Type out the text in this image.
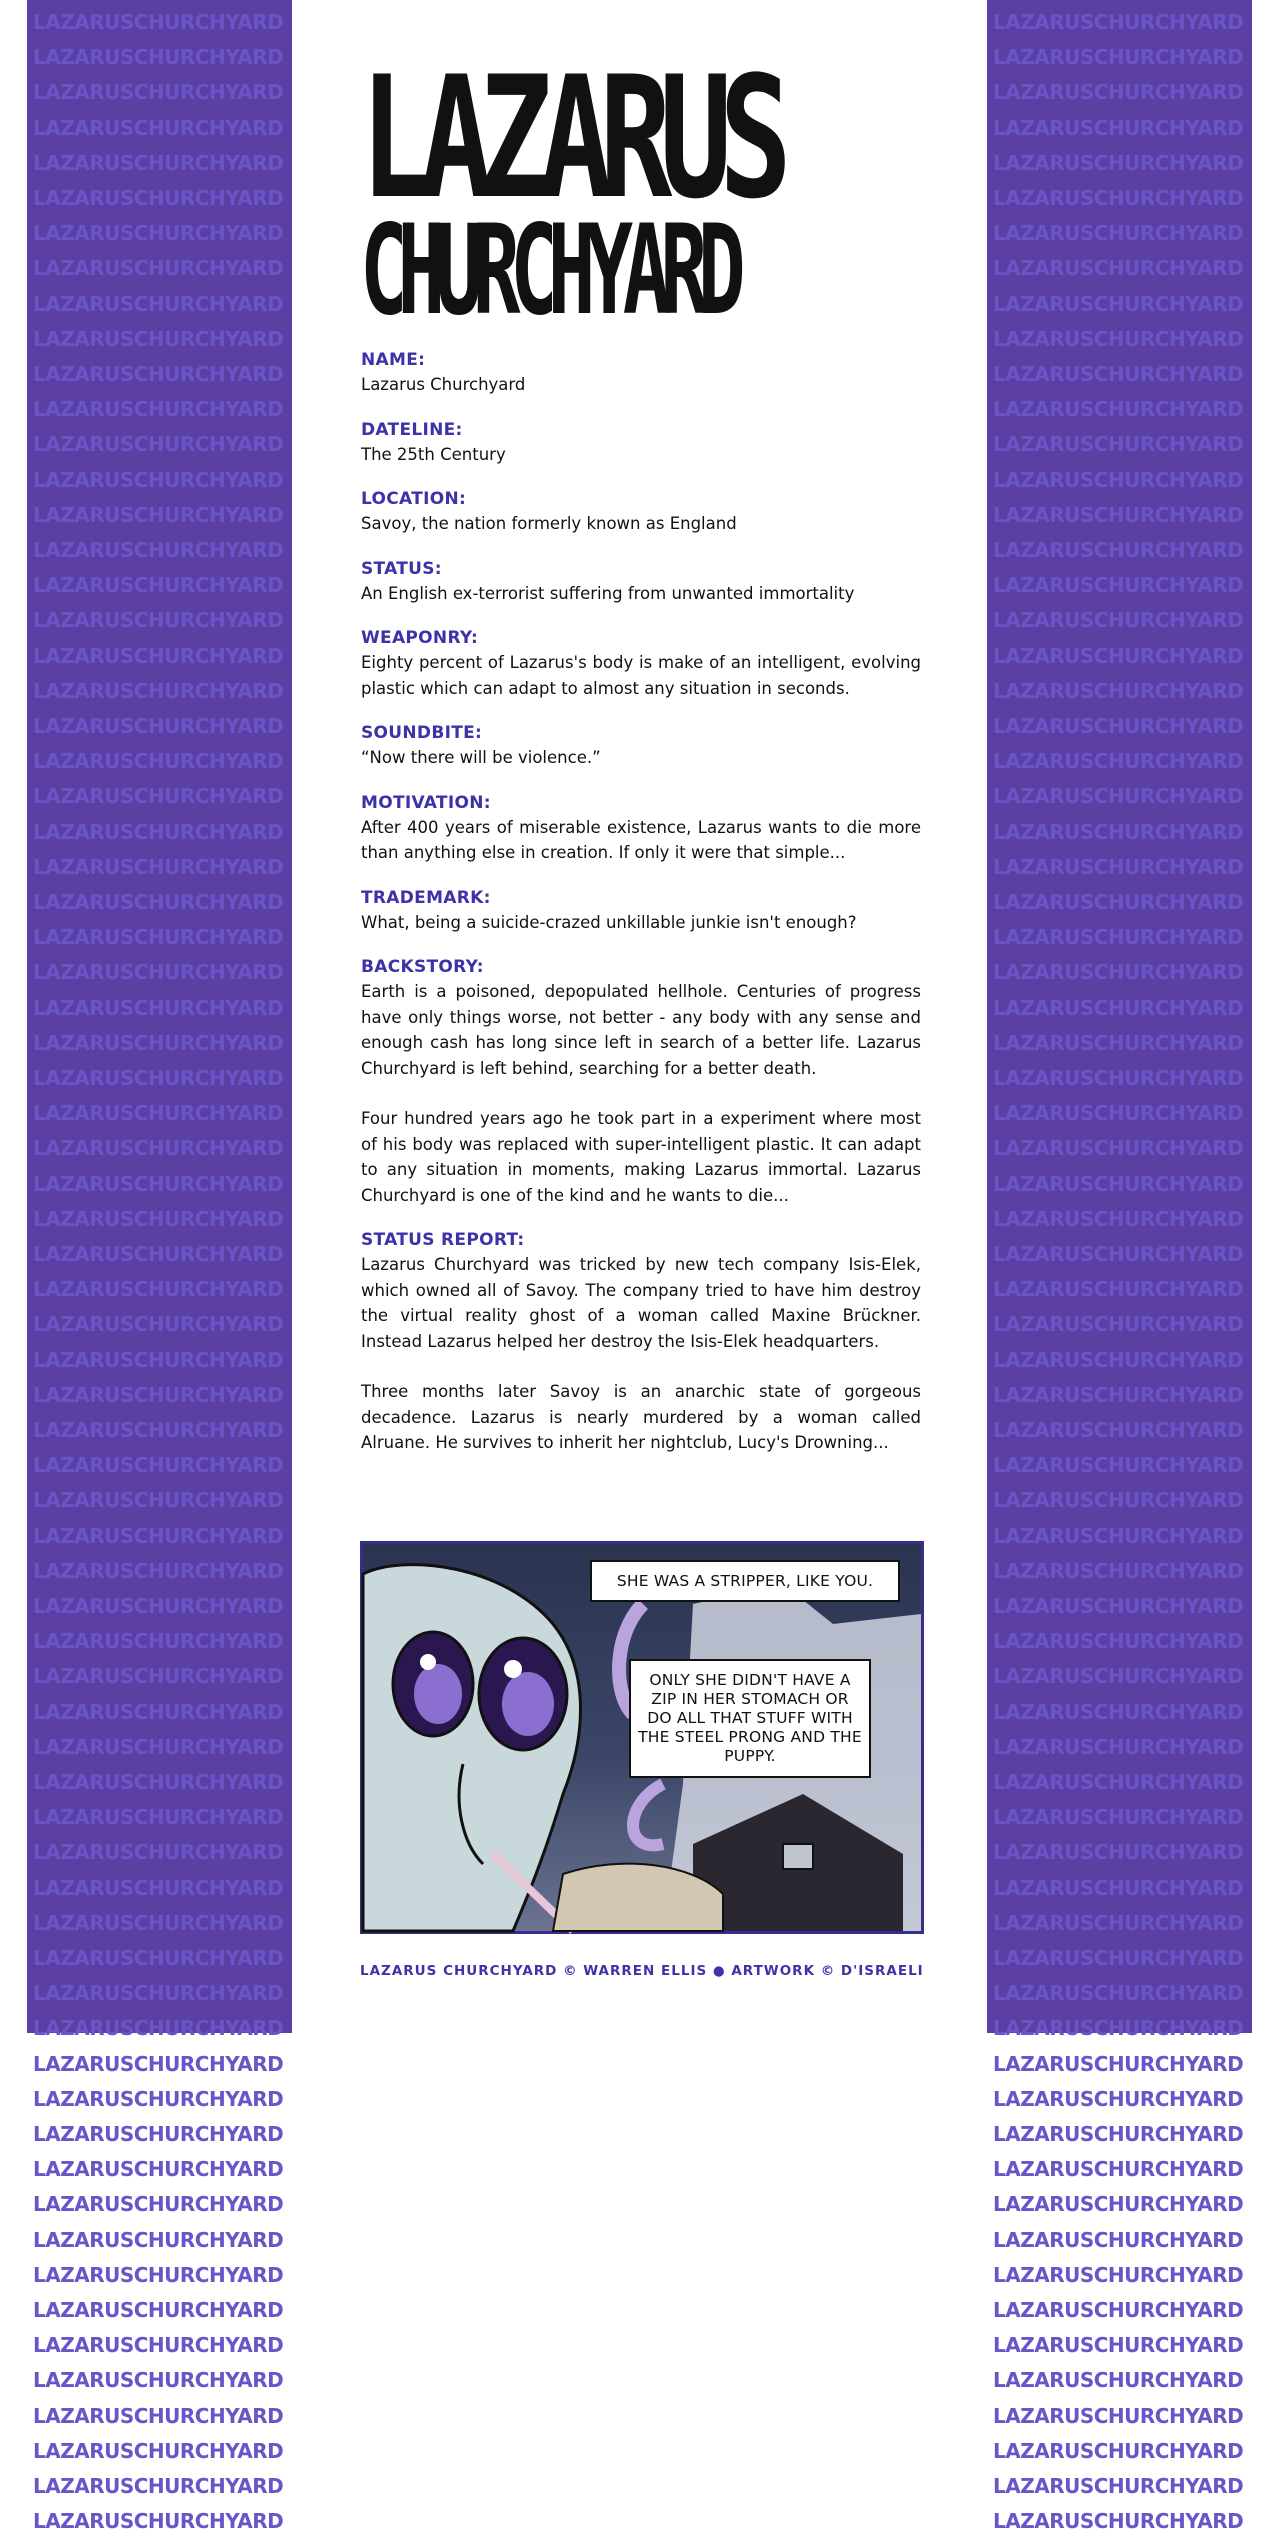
LAZARUSCHURCHYARD
LAZARUSCHURCHYARD
LAZARUSCHURCHYARD
LAZARUSCHURCHYARD
LAZARUSCHURCHYARD
LAZARUSCHURCHYARD
LAZARUSCHURCHYARD
LAZARUSCHURCHYARD
LAZARUSCHURCHYARD
LAZARUSCHURCHYARD
LAZARUSCHURCHYARD
LAZARUSCHURCHYARD
LAZARUSCHURCHYARD
LAZARUSCHURCHYARD
LAZARUSCHURCHYARD
LAZARUSCHURCHYARD
LAZARUSCHURCHYARD
LAZARUSCHURCHYARD
LAZARUSCHURCHYARD
LAZARUSCHURCHYARD
LAZARUSCHURCHYARD
LAZARUSCHURCHYARD
LAZARUSCHURCHYARD
LAZARUSCHURCHYARD
LAZARUSCHURCHYARD
LAZARUSCHURCHYARD
LAZARUSCHURCHYARD
LAZARUSCHURCHYARD
LAZARUSCHURCHYARD
LAZARUSCHURCHYARD
LAZARUSCHURCHYARD
LAZARUSCHURCHYARD
LAZARUSCHURCHYARD
LAZARUSCHURCHYARD
LAZARUSCHURCHYARD
LAZARUSCHURCHYARD
LAZARUSCHURCHYARD
LAZARUSCHURCHYARD
LAZARUSCHURCHYARD
LAZARUSCHURCHYARD
LAZARUSCHURCHYARD
LAZARUSCHURCHYARD
LAZARUSCHURCHYARD
LAZARUSCHURCHYARD
LAZARUSCHURCHYARD
LAZARUSCHURCHYARD
LAZARUSCHURCHYARD
LAZARUSCHURCHYARD
LAZARUSCHURCHYARD
LAZARUSCHURCHYARD
LAZARUSCHURCHYARD
LAZARUSCHURCHYARD
LAZARUSCHURCHYARD
LAZARUSCHURCHYARD
LAZARUSCHURCHYARD
LAZARUSCHURCHYARD
LAZARUSCHURCHYARD
LAZARUSCHURCHYARD
LAZARUSCHURCHYARD
LAZARUSCHURCHYARD
LAZARUSCHURCHYARD
LAZARUSCHURCHYARD
LAZARUSCHURCHYARD
LAZARUSCHURCHYARD
LAZARUSCHURCHYARD
LAZARUSCHURCHYARD
LAZARUSCHURCHYARD
LAZARUSCHURCHYARD
LAZARUSCHURCHYARD
LAZARUSCHURCHYARD
LAZARUSCHURCHYARD
LAZARUSCHURCHYARD
LAZARUSCHURCHYARD
LAZARUSCHURCHYARD
LAZARUSCHURCHYARD
LAZARUSCHURCHYARD
LAZARUSCHURCHYARD
LAZARUSCHURCHYARD
LAZARUSCHURCHYARD
LAZARUSCHURCHYARD
LAZARUSCHURCHYARD
LAZARUSCHURCHYARD
LAZARUSCHURCHYARD
LAZARUSCHURCHYARD
LAZARUSCHURCHYARD
LAZARUSCHURCHYARD
LAZARUSCHURCHYARD
LAZARUSCHURCHYARD
LAZARUSCHURCHYARD
LAZARUSCHURCHYARD
LAZARUSCHURCHYARD
LAZARUSCHURCHYARD
LAZARUSCHURCHYARD
LAZARUSCHURCHYARD
LAZARUSCHURCHYARD
LAZARUSCHURCHYARD
LAZARUSCHURCHYARD
LAZARUSCHURCHYARD
LAZARUSCHURCHYARD
LAZARUSCHURCHYARD
LAZARUSCHURCHYARD
LAZARUSCHURCHYARD
LAZARUSCHURCHYARD
LAZARUSCHURCHYARD
LAZARUSCHURCHYARD
LAZARUSCHURCHYARD
LAZARUSCHURCHYARD
LAZARUSCHURCHYARD
LAZARUSCHURCHYARD
LAZARUSCHURCHYARD
LAZARUSCHURCHYARD
LAZARUSCHURCHYARD
LAZARUSCHURCHYARD
LAZARUSCHURCHYARD
LAZARUSCHURCHYARD
LAZARUSCHURCHYARD
LAZARUSCHURCHYARD
LAZARUSCHURCHYARD
LAZARUSCHURCHYARD
LAZARUSCHURCHYARD
LAZARUSCHURCHYARD
LAZARUSCHURCHYARD
LAZARUSCHURCHYARD
LAZARUSCHURCHYARD
LAZARUSCHURCHYARD
LAZARUSCHURCHYARD
LAZARUSCHURCHYARD
LAZARUSCHURCHYARD
LAZARUSCHURCHYARD
LAZARUSCHURCHYARD
LAZARUSCHURCHYARD
LAZARUSCHURCHYARD
LAZARUSCHURCHYARD
LAZARUSCHURCHYARD
LAZARUSCHURCHYARD
LAZARUSCHURCHYARD
LAZARUSCHURCHYARD
LAZARUSCHURCHYARD
LAZARUSCHURCHYARD
LAZARUSCHURCHYARD
LAZARUSCHURCHYARD
LAZARUSCHURCHYARD
LAZARUSCHURCHYARD
LAZARUSCHURCHYARD
LAZARUS
CHURCHYARD
NAME:
Lazarus Churchyard
DATELINE:
The 25th Century
LOCATION:
Savoy, the nation formerly known as England
STATUS:
An English ex-terrorist suffering from unwanted immortality
WEAPONRY:
Eighty percent of Lazarus's body is make of an intelligent, evolving plastic which can adapt to almost any situation in seconds.
SOUNDBITE:
“Now there will be violence.”
MOTIVATION:
After 400 years of miserable existence, Lazarus wants to die more than anything else in creation. If only it were that simple...
TRADEMARK:
What, being a suicide-crazed unkillable junkie isn't enough?
BACKSTORY:
Earth is a poisoned, depopulated hellhole. Centuries of progress have only things worse, not better - any body with any sense and enough cash has long since left in search of a better life. Lazarus Churchyard is left behind, searching for a better death.
Four hundred years ago he took part in a experiment where most of his body was replaced with super-intelligent plastic. It can adapt to any situation in moments, making Lazarus immortal. Lazarus Churchyard is one of the kind and he wants to die...
STATUS REPORT:
Lazarus Churchyard was tricked by new tech company Isis-Elek, which owned all of Savoy. The company tried to have him destroy the virtual reality ghost of a woman called Maxine Brückner. Instead Lazarus helped her destroy the Isis-Elek headquarters.
Three months later Savoy is an anarchic state of gorgeous decadence. Lazarus is nearly murdered by a woman called Alruane. He survives to inherit her nightclub, Lucy's Drowning...
SHE WAS A STRIPPER, LIKE YOU.
ONLY SHE DIDN'T HAVE A ZIP IN HER STOMACH OR DO ALL THAT STUFF WITH THE STEEL PRONG AND THE PUPPY.
LAZARUS CHURCHYARD © WARREN ELLIS ● ARTWORK © D'ISRAELI
